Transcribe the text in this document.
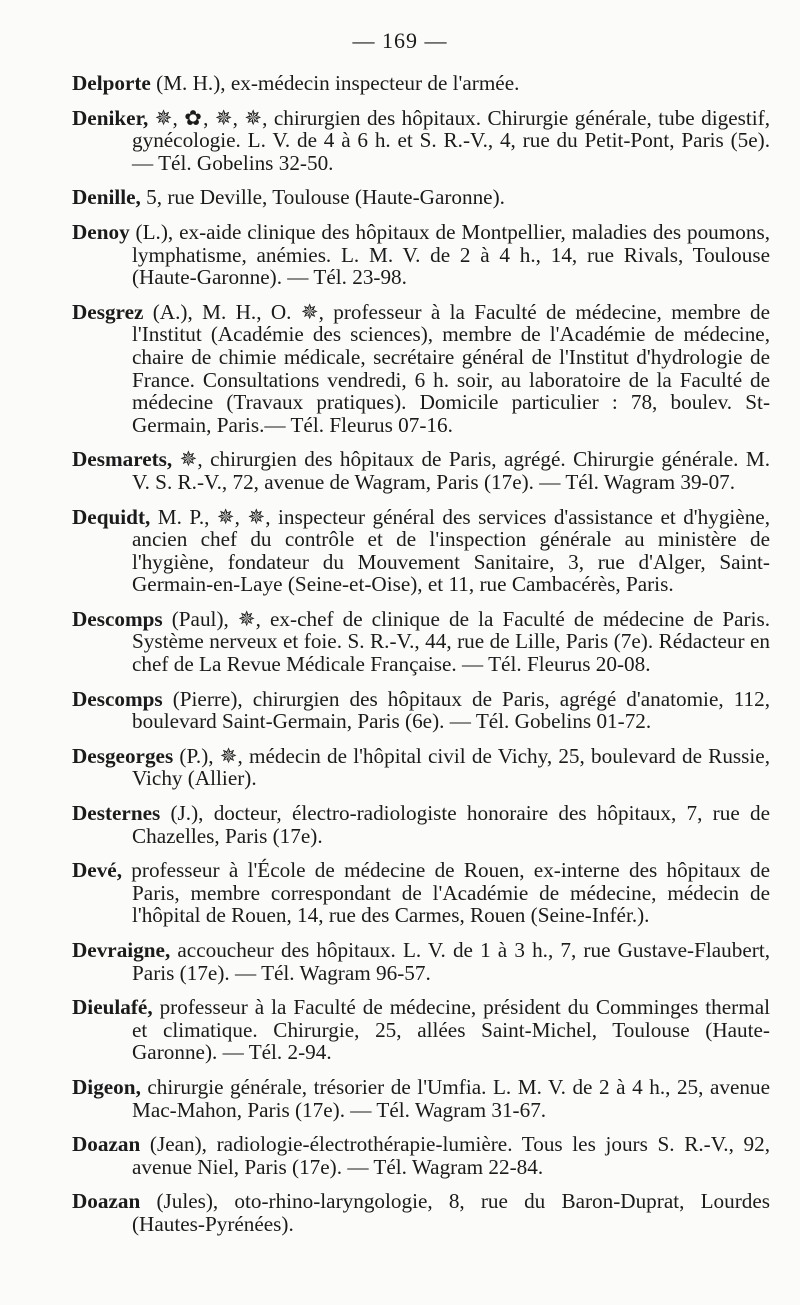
— 169 —

Delporte (M. H.), ex-médecin inspecteur de l'armée.

Deniker, ✵, ✿, ✵, ✵, chirurgien des hôpitaux. Chirurgie générale, tube digestif, gynécologie. L. V. de 4 à 6 h. et S. R.-V., 4, rue du Petit-Pont, Paris (5e). — Tél. Gobelins 32-50.

Denille, 5, rue Deville, Toulouse (Haute-Garonne).

Denoy (L.), ex-aide clinique des hôpitaux de Montpellier, maladies des poumons, lymphatisme, anémies. L. M. V. de 2 à 4 h., 14, rue Rivals, Toulouse (Haute-Garonne). — Tél. 23-98.

Desgrez (A.), M. H., O. ✵, professeur à la Faculté de médecine, membre de l'Institut (Académie des sciences), membre de l'Académie de médecine, chaire de chimie médicale, secrétaire général de l'Institut d'hydrologie de France. Consultations vendredi, 6 h. soir, au laboratoire de la Faculté de médecine (Travaux pratiques). Domicile particulier : 78, boulev. St-Germain, Paris.— Tél. Fleurus 07-16.

Desmarets, ✵, chirurgien des hôpitaux de Paris, agrégé. Chirurgie générale. M. V. S. R.-V., 72, avenue de Wagram, Paris (17e). — Tél. Wagram 39-07.

Dequidt, M. P., ✵, ✵, inspecteur général des services d'assistance et d'hygiène, ancien chef du contrôle et de l'inspection générale au ministère de l'hygiène, fondateur du Mouvement Sanitaire, 3, rue d'Alger, Saint-Germain-en-Laye (Seine-et-Oise), et 11, rue Cambacérès, Paris.

Descomps (Paul), ✵, ex-chef de clinique de la Faculté de médecine de Paris. Système nerveux et foie. S. R.-V., 44, rue de Lille, Paris (7e). Rédacteur en chef de La Revue Médicale Française. — Tél. Fleurus 20-08.

Descomps (Pierre), chirurgien des hôpitaux de Paris, agrégé d'anatomie, 112, boulevard Saint-Germain, Paris (6e). — Tél. Gobelins 01-72.

Desgeorges (P.), ✵, médecin de l'hôpital civil de Vichy, 25, boulevard de Russie, Vichy (Allier).

Desternes (J.), docteur, électro-radiologiste honoraire des hôpitaux, 7, rue de Chazelles, Paris (17e).

Devé, professeur à l'École de médecine de Rouen, ex-interne des hôpitaux de Paris, membre correspondant de l'Académie de médecine, médecin de l'hôpital de Rouen, 14, rue des Carmes, Rouen (Seine-Infér.).

Devraigne, accoucheur des hôpitaux. L. V. de 1 à 3 h., 7, rue Gustave-Flaubert, Paris (17e). — Tél. Wagram 96-57.

Dieulafé, professeur à la Faculté de médecine, président du Comminges thermal et climatique. Chirurgie, 25, allées Saint-Michel, Toulouse (Haute-Garonne). — Tél. 2-94.

Digeon, chirurgie générale, trésorier de l'Umfia. L. M. V. de 2 à 4 h., 25, avenue Mac-Mahon, Paris (17e). — Tél. Wagram 31-67.

Doazan (Jean), radiologie-électrothérapie-lumière. Tous les jours S. R.-V., 92, avenue Niel, Paris (17e). — Tél. Wagram 22-84.

Doazan (Jules), oto-rhino-laryngologie, 8, rue du Baron-Duprat, Lourdes (Hautes-Pyrénées).
